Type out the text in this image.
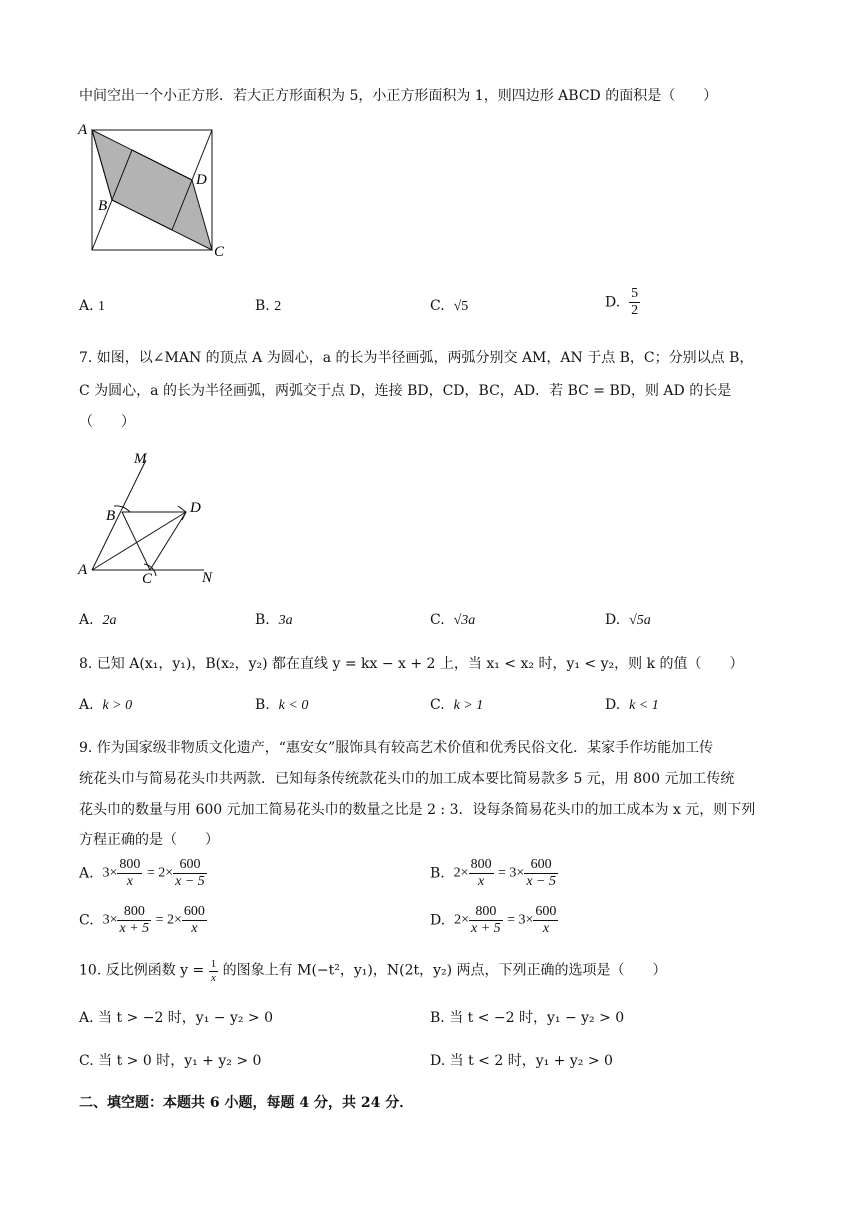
中间空出一个小正方形．若大正方形面积为 5，小正方形面积为 1，则四边形 ABCD 的面积是（　　）
A
B
C
D
A. 1	B. 2	C. √5	D. $\frac{5}{2}$
7. 如图，以∠MAN 的顶点 A 为圆心，a 的长为半径画弧，两弧分别交 AM，AN 于点 B，C；分别以点 B，
C 为圆心，a 的长为半径画弧，两弧交于点 D，连接 BD，CD，BC，AD．若 BC = BD，则 AD 的长是
（　　）
M
B	D
A
C	N
A. 2a	B. 3a	C. √3a	D. √5a
8. 已知 A(x₁，y₁)，B(x₂，y₂) 都在直线 y = kx − x + 2 上，当 x₁ < x₂ 时，y₁ < y₂，则 k 的值（　　）
A. k > 0	B. k < 0	C. k > 1	D. k < 1
9. 作为国家级非物质文化遗产，“惠安女”服饰具有较高艺术价值和优秀民俗文化．某家手作坊能加工传
统花头巾与简易花头巾共两款．已知每条传统款花头巾的加工成本要比简易款多 5 元，用 800 元加工传统
花头巾的数量与用 600 元加工简易花头巾的数量之比是 2 : 3．设每条简易花头巾的加工成本为 x 元，则下列
方程正确的是（　　）
A. $3\times \frac{800}{x} = 2\times \frac{600}{x - 5}$	B. $2\times \frac{800}{x} = 3\times \frac{600}{x - 5}$
C. $3\times \frac{800}{x + 5} = 2\times \frac{600}{x}$	D. $2\times \frac{800}{x + 5} = 3\times \frac{600}{x}$
10. 反比例函数 $y = \frac{1}{x}$ 的图象上有 M(−t²，y₁)，N(2t，y₂) 两点，下列正确的选项是（　　）
A. 当 t > −2 时，y₁ − y₂ > 0	B. 当 t < −2 时，y₁ − y₂ > 0
C. 当 t > 0 时，y₁ + y₂ > 0	D. 当 t < 2 时，y₁ + y₂ > 0
二、填空题：本题共 6 小题，每题 4 分，共 24 分．
